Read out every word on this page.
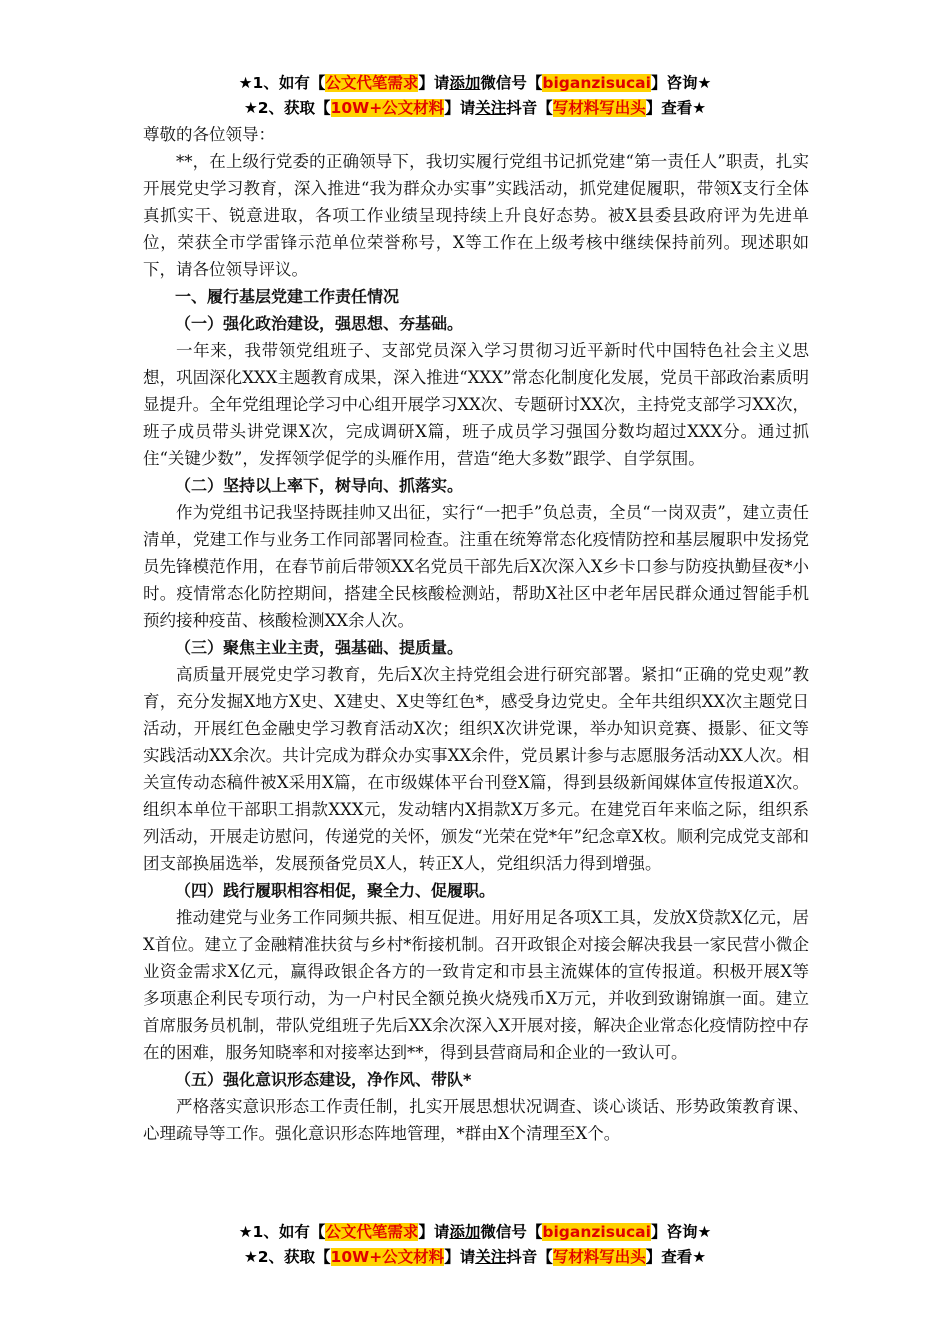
★1、如有【公文代笔需求】请添加微信号【biganzisucai】咨询★
★2、获取【10W+公文材料】请关注抖音【写材料写出头】查看★

尊敬的各位领导：

**，在上级行党委的正确领导下，我切实履行党组书记抓党建“第一责任人”职责，扎实开展党史学习教育，深入推进“我为群众办实事”实践活动，抓党建促履职，带领X支行全体真抓实干、锐意进取，各项工作业绩呈现持续上升良好态势。被X县委县政府评为先进单位，荣获全市学雷锋示范单位荣誉称号，X等工作在上级考核中继续保持前列。现述职如下，请各位领导评议。

一、履行基层党建工作责任情况

（一）强化政治建设，强思想、夯基础。

一年来，我带领党组班子、支部党员深入学习贯彻习近平新时代中国特色社会主义思想，巩固深化XXX主题教育成果，深入推进“XXX”常态化制度化发展，党员干部政治素质明显提升。全年党组理论学习中心组开展学习XX次、专题研讨XX次，主持党支部学习XX次，班子成员带头讲党课X次，完成调研X篇，班子成员学习强国分数均超过XXX分。通过抓住“关键少数”，发挥领学促学的头雁作用，营造“绝大多数”跟学、自学氛围。

（二）坚持以上率下，树导向、抓落实。

作为党组书记我坚持既挂帅又出征，实行“一把手”负总责，全员“一岗双责”，建立责任清单，党建工作与业务工作同部署同检查。注重在统筹常态化疫情防控和基层履职中发扬党员先锋模范作用，在春节前后带领XX名党员干部先后X次深入X乡卡口参与防疫执勤昼夜*小时。疫情常态化防控期间，搭建全民核酸检测站，帮助X社区中老年居民群众通过智能手机预约接种疫苗、核酸检测XX余人次。

（三）聚焦主业主责，强基础、提质量。

高质量开展党史学习教育，先后X次主持党组会进行研究部署。紧扣“正确的党史观”教育，充分发掘X地方X史、X建史、X史等红色*，感受身边党史。全年共组织XX次主题党日活动，开展红色金融史学习教育活动X次；组织X次讲党课，举办知识竞赛、摄影、征文等实践活动XX余次。共计完成为群众办实事XX余件，党员累计参与志愿服务活动XX人次。相关宣传动态稿件被X采用X篇，在市级媒体平台刊登X篇，得到县级新闻媒体宣传报道X次。组织本单位干部职工捐款XXX元，发动辖内X捐款X万多元。在建党百年来临之际，组织系列活动，开展走访慰问，传递党的关怀，颁发“光荣在党*年”纪念章X枚。顺利完成党支部和团支部换届选举，发展预备党员X人，转正X人，党组织活力得到增强。

（四）践行履职相容相促，聚全力、促履职。

推动建党与业务工作同频共振、相互促进。用好用足各项X工具，发放X贷款X亿元，居X首位。建立了金融精准扶贫与乡村*衔接机制。召开政银企对接会解决我县一家民营小微企业资金需求X亿元，赢得政银企各方的一致肯定和市县主流媒体的宣传报道。积极开展X等多项惠企利民专项行动，为一户村民全额兑换火烧残币X万元，并收到致谢锦旗一面。建立首席服务员机制，带队党组班子先后XX余次深入X开展对接，解决企业常态化疫情防控中存在的困难，服务知晓率和对接率达到**，得到县营商局和企业的一致认可。

（五）强化意识形态建设，净作风、带队*

严格落实意识形态工作责任制，扎实开展思想状况调查、谈心谈话、形势政策教育课、心理疏导等工作。强化意识形态阵地管理，*群由X个清理至X个。

★1、如有【公文代笔需求】请添加微信号【biganzisucai】咨询★
★2、获取【10W+公文材料】请关注抖音【写材料写出头】查看★
